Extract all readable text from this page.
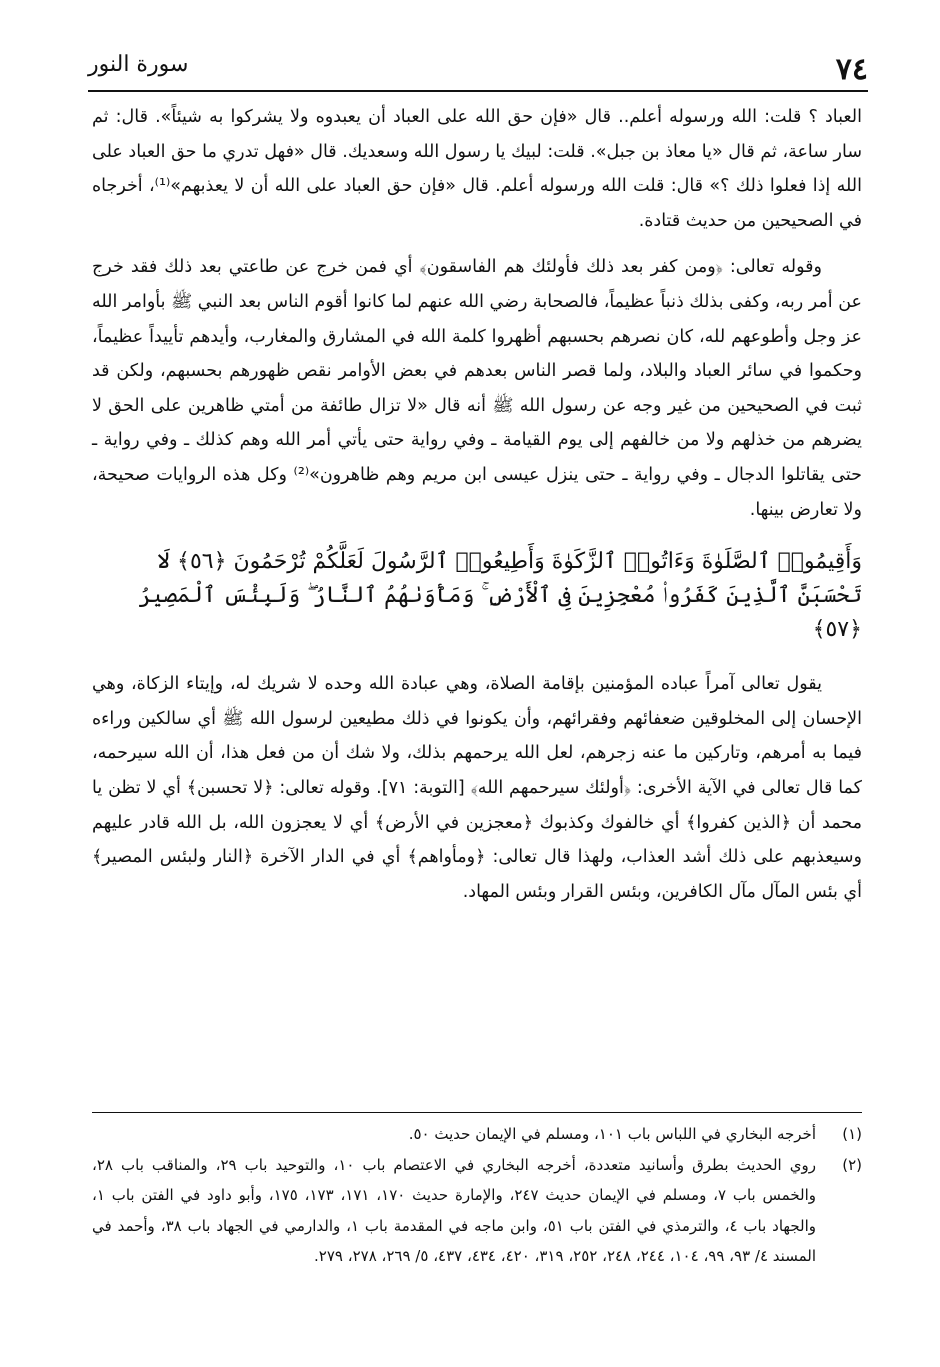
٧٤
سورة النور

العباد ؟ قلت: الله ورسوله أعلم.. قال «فإن حق الله على العباد أن يعبدوه ولا يشركوا به شيئاً». قال: ثم سار ساعة، ثم قال «يا معاذ بن جبل». قلت: لبيك يا رسول الله وسعديك. قال «فهل تدري ما حق العباد على الله إذا فعلوا ذلك ؟» قال: قلت الله ورسوله أعلم. قال «فإن حق العباد على الله أن لا يعذبهم»⁽¹⁾، أخرجاه في الصحيحين من حديث قتادة.

وقوله تعالى: ﴿ومن كفر بعد ذلك فأولئك هم الفاسقون﴾ أي فمن خرج عن طاعتي بعد ذلك فقد خرج عن أمر ربه، وكفى بذلك ذنباً عظيماً، فالصحابة رضي الله عنهم لما كانوا أقوم الناس بعد النبي ﷺ بأوامر الله عز وجل وأطوعهم لله، كان نصرهم بحسبهم أظهروا كلمة الله في المشارق والمغارب، وأيدهم تأييداً عظيماً، وحكموا في سائر العباد والبلاد، ولما قصر الناس بعدهم في بعض الأوامر نقص ظهورهم بحسبهم، ولكن قد ثبت في الصحيحين من غير وجه عن رسول الله ﷺ أنه قال «لا تزال طائفة من أمتي ظاهرين على الحق لا يضرهم من خذلهم ولا من خالفهم إلى يوم القيامة ـ وفي رواية حتى يأتي أمر الله وهم كذلك ـ وفي رواية ـ حتى يقاتلوا الدجال ـ وفي رواية ـ حتى ينزل عيسى ابن مريم وهم ظاهرون»⁽²⁾ وكل هذه الروايات صحيحة، ولا تعارض بينها.

وَأَقِيمُوا۟ ٱلصَّلَوٰةَ وَءَاتُوا۟ ٱلزَّكَوٰةَ وَأَطِيعُوا۟ ٱلرَّسُولَ لَعَلَّكُمْ تُرْحَمُونَ ﴿٥٦﴾ لَا تَحْسَبَنَّ ٱلَّذِينَ كَفَرُوا۟ مُعْجِزِينَ فِى ٱلْأَرْضِ ۚ وَمَأْوَىٰهُمُ ٱلنَّارُ ۖ وَلَبِئْسَ ٱلْمَصِيرُ ﴿٥٧﴾

يقول تعالى آمراً عباده المؤمنين بإقامة الصلاة، وهي عبادة الله وحده لا شريك له، وإيتاء الزكاة، وهي الإحسان إلى المخلوقين ضعفائهم وفقرائهم، وأن يكونوا في ذلك مطيعين لرسول الله ﷺ أي سالكين وراءه فيما به أمرهم، وتاركين ما عنه زجرهم، لعل الله يرحمهم بذلك، ولا شك أن من فعل هذا، أن الله سيرحمه، كما قال تعالى في الآية الأخرى: ﴿أولئك سيرحمهم الله﴾ [التوبة: ٧١]. وقوله تعالى: ﴿لا تحسبن﴾ أي لا تظن يا محمد أن ﴿الذين كفروا﴾ أي خالفوك وكذبوك ﴿معجزين في الأرض﴾ أي لا يعجزون الله، بل الله قادر عليهم وسيعذبهم على ذلك أشد العذاب، ولهذا قال تعالى: ﴿ومأواهم﴾ أي في الدار الآخرة ﴿النار ولبئس المصير﴾ أي بئس المآل مآل الكافرين، وبئس القرار وبئس المهاد.

(١)
أخرجه البخاري في اللباس باب ١٠١، ومسلم في الإيمان حديث ٥٠.
(٢)
روي الحديث بطرق وأسانيد متعددة، أخرجه البخاري في الاعتصام باب ١٠، والتوحيد باب ٢٩، والمناقب باب ٢٨، والخمس باب ٧، ومسلم في الإيمان حديث ٢٤٧، والإمارة حديث ١٧٠، ١٧١، ١٧٣، ١٧٥، وأبو داود في الفتن باب ١، والجهاد باب ٤، والترمذي في الفتن باب ٥١، وابن ماجه في المقدمة باب ١، والدارمي في الجهاد باب ٣٨، وأحمد في المسند ٤/ ٩٣، ٩٩، ١٠٤، ٢٤٤، ٢٤٨، ٢٥٢، ٣١٩، ٤٢٠، ٤٣٤، ٤٣٧، ٥/ ٢٦٩، ٢٧٨، ٢٧٩.
